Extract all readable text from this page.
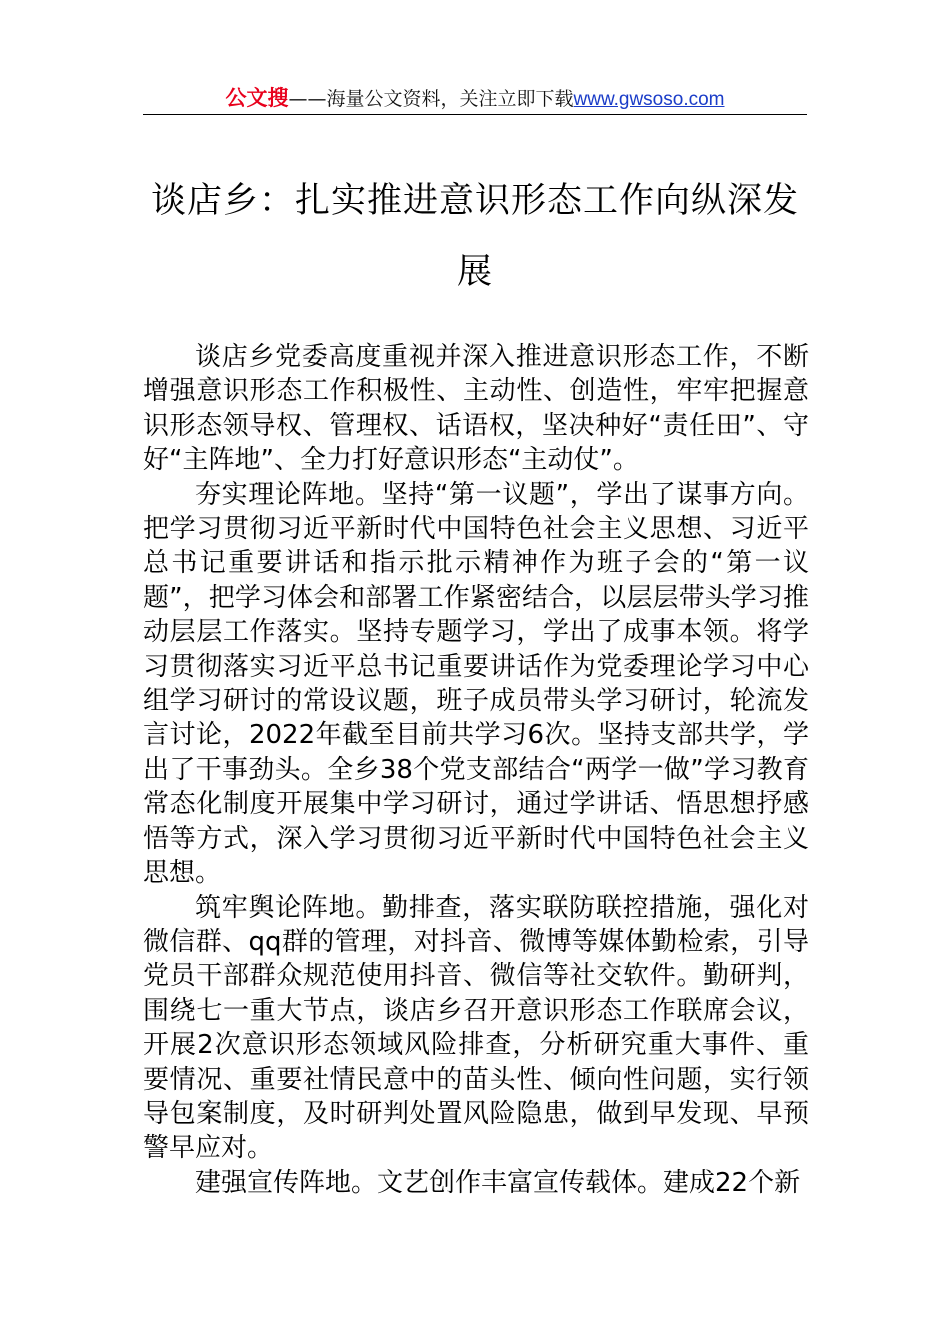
公文搜——海量公文资料，关注立即下载www.gwsoso.com
谈店乡：扎实推进意识形态工作向纵深发展

谈店乡党委高度重视并深入推进意识形态工作，不断增强意识形态工作积极性、主动性、创造性，牢牢把握意识形态领导权、管理权、话语权，坚决种好“责任田”、守好“主阵地”、全力打好意识形态“主动仗”。

夯实理论阵地。坚持“第一议题”，学出了谋事方向。把学习贯彻习近平新时代中国特色社会主义思想、习近平总书记重要讲话和指示批示精神作为班子会的“第一议题”，把学习体会和部署工作紧密结合，以层层带头学习推动层层工作落实。坚持专题学习，学出了成事本领。将学习贯彻落实习近平总书记重要讲话作为党委理论学习中心组学习研讨的常设议题，班子成员带头学习研讨，轮流发言讨论，2022年截至目前共学习6次。坚持支部共学，学出了干事劲头。全乡38个党支部结合“两学一做”学习教育常态化制度开展集中学习研讨，通过学讲话、悟思想抒感悟等方式，深入学习贯彻习近平新时代中国特色社会主义思想。

筑牢舆论阵地。勤排查，落实联防联控措施，强化对微信群、qq群的管理，对抖音、微博等媒体勤检索，引导党员干部群众规范使用抖音、微信等社交软件。勤研判，围绕七一重大节点，谈店乡召开意识形态工作联席会议，开展2次意识形态领域风险排查，分析研究重大事件、重要情况、重要社情民意中的苗头性、倾向性问题，实行领导包案制度，及时研判处置风险隐患，做到早发现、早预警早应对。

建强宣传阵地。文艺创作丰富宣传载体。建成22个新
